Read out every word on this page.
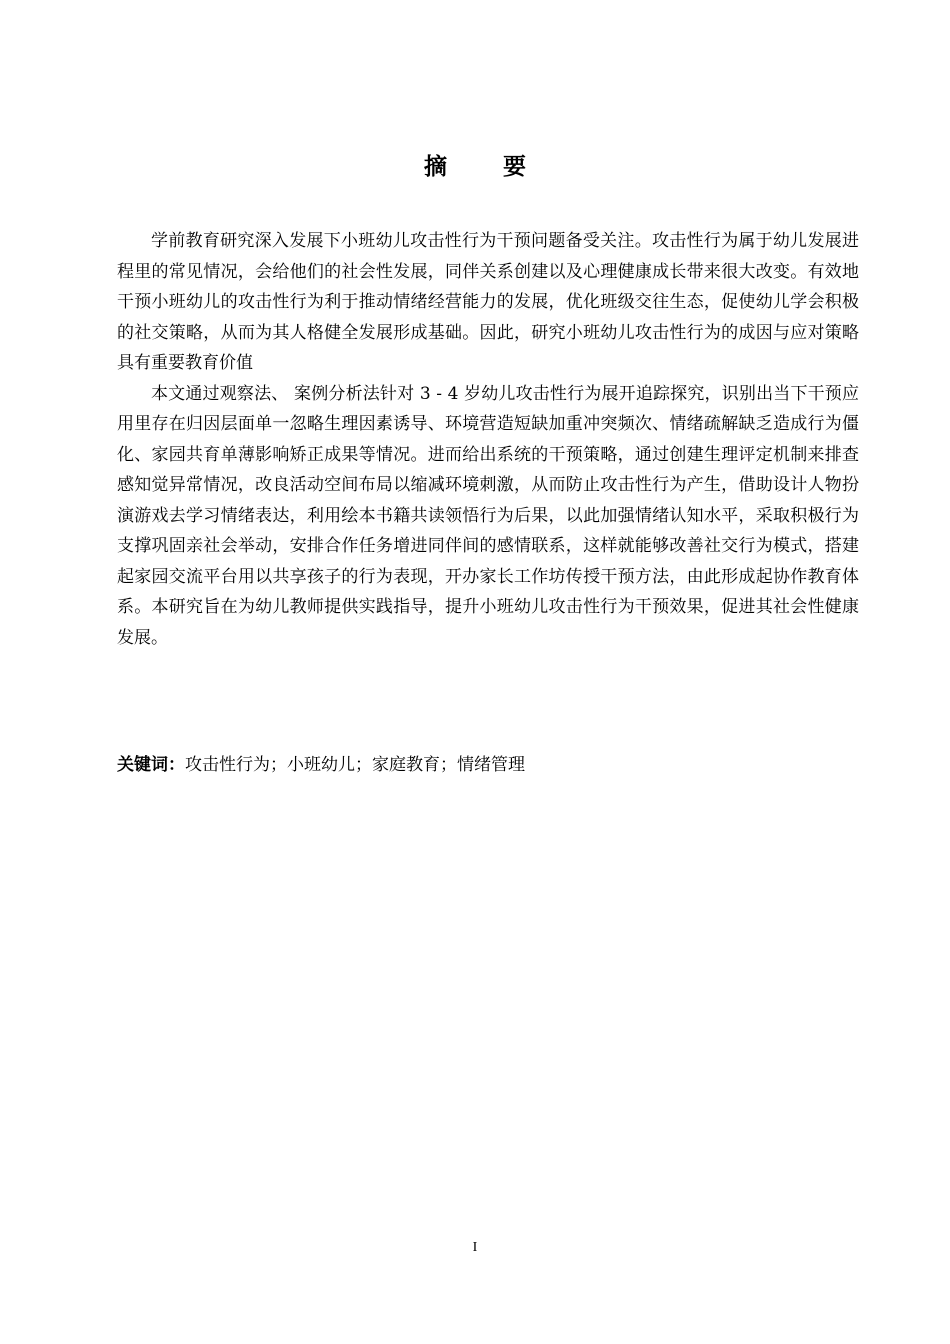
摘 要

学前教育研究深入发展下小班幼儿攻击性行为干预问题备受关注。攻击性行为属于幼儿发展进程里的常见情况，会给他们的社会性发展，同伴关系创建以及心理健康成长带来很大改变。有效地干预小班幼儿的攻击性行为利于推动情绪经营能力的发展，优化班级交往生态，促使幼儿学会积极的社交策略，从而为其人格健全发展形成基础。因此，研究小班幼儿攻击性行为的成因与应对策略具有重要教育价值

本文通过观察法、 案例分析法针对 3 - 4 岁幼儿攻击性行为展开追踪探究，识别出当下干预应用里存在归因层面单一忽略生理因素诱导、环境营造短缺加重冲突频次、情绪疏解缺乏造成行为僵化、家园共育单薄影响矫正成果等情况。进而给出系统的干预策略，通过创建生理评定机制来排查感知觉异常情况，改良活动空间布局以缩减环境刺激，从而防止攻击性行为产生，借助设计人物扮演游戏去学习情绪表达，利用绘本书籍共读领悟行为后果，以此加强情绪认知水平，采取积极行为支撑巩固亲社会举动，安排合作任务增进同伴间的感情联系，这样就能够改善社交行为模式，搭建起家园交流平台用以共享孩子的行为表现，开办家长工作坊传授干预方法，由此形成起协作教育体系。本研究旨在为幼儿教师提供实践指导，提升小班幼儿攻击性行为干预效果，促进其社会性健康发展。

关键词：攻击性行为；小班幼儿；家庭教育；情绪管理
I
